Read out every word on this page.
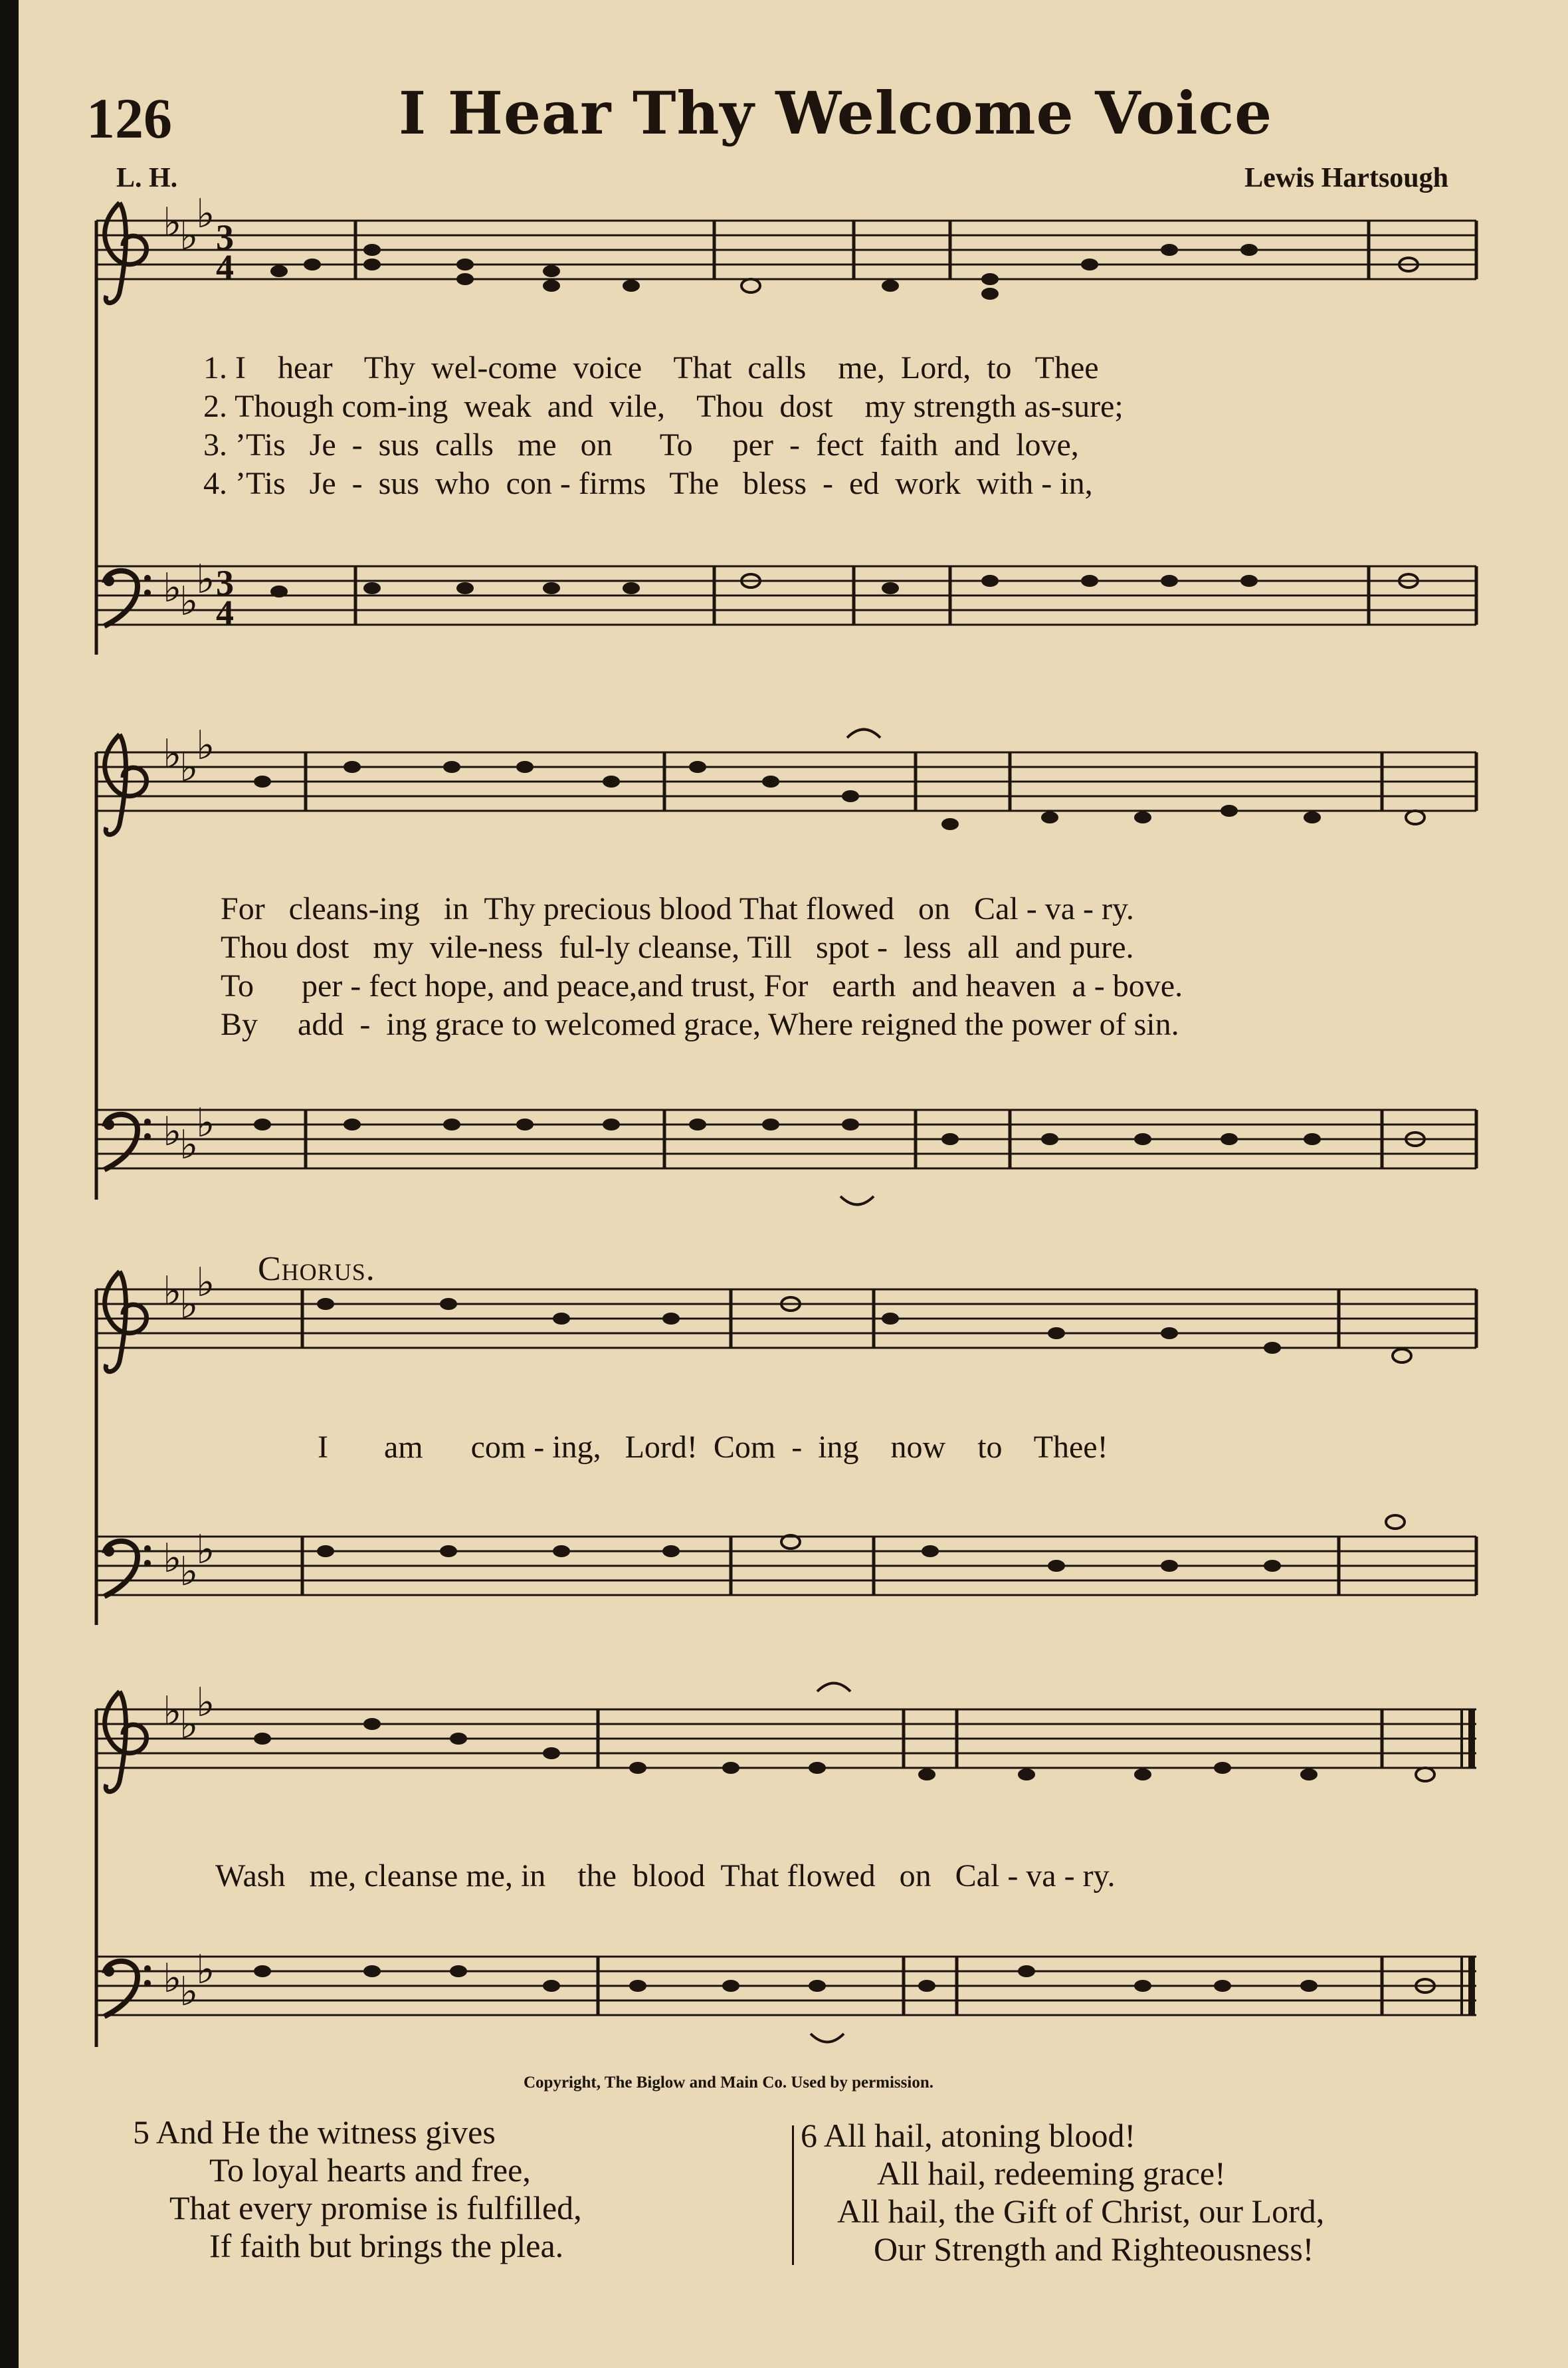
126	I Hear Thy Welcome Voice
L. H.	Lewis Hartsough
♭
♭
♭
♭
♭
♭
♭
♭
♭
♭
♭
♭
♭
♭
♭
♭
♭
♭
♭
♭
♭
♭
♭
♭
3
4
3
4
1. I    hear    Thy  wel-come  voice    That  calls    me,  Lord,  to   Thee
2. Though com-ing  weak  and  vile,    Thou  dost    my strength as-sure;
3. ’Tis   Je  -  sus  calls   me   on      To     per  -  fect  faith  and  love,
4. ’Tis   Je  -  sus  who  con - firms   The   bless  -  ed  work  with - in,
For   cleans-ing   in  Thy precious blood That flowed   on   Cal - va - ry.
Thou dost   my  vile-ness  ful-ly cleanse, Till   spot -  less  all  and pure.
To      per - fect hope, and peace,and trust, For   earth  and heaven  a - bove.
By     add  -  ing grace to welcomed grace, Where reigned the power of sin.
Chorus.
I       am      com - ing,   Lord!  Com  -  ing    now    to    Thee!
Wash   me, cleanse me, in    the  blood  That flowed   on   Cal - va - ry.
Copyright, The Biglow and Main Co. Used by permission.
5 And He the witness gives
To loyal hearts and free,
That every promise is fulfilled,
If faith but brings the plea.
6 All hail, atoning blood!
All hail, redeeming grace!
All hail, the Gift of Christ, our Lord,
Our Strength and Righteousness!
